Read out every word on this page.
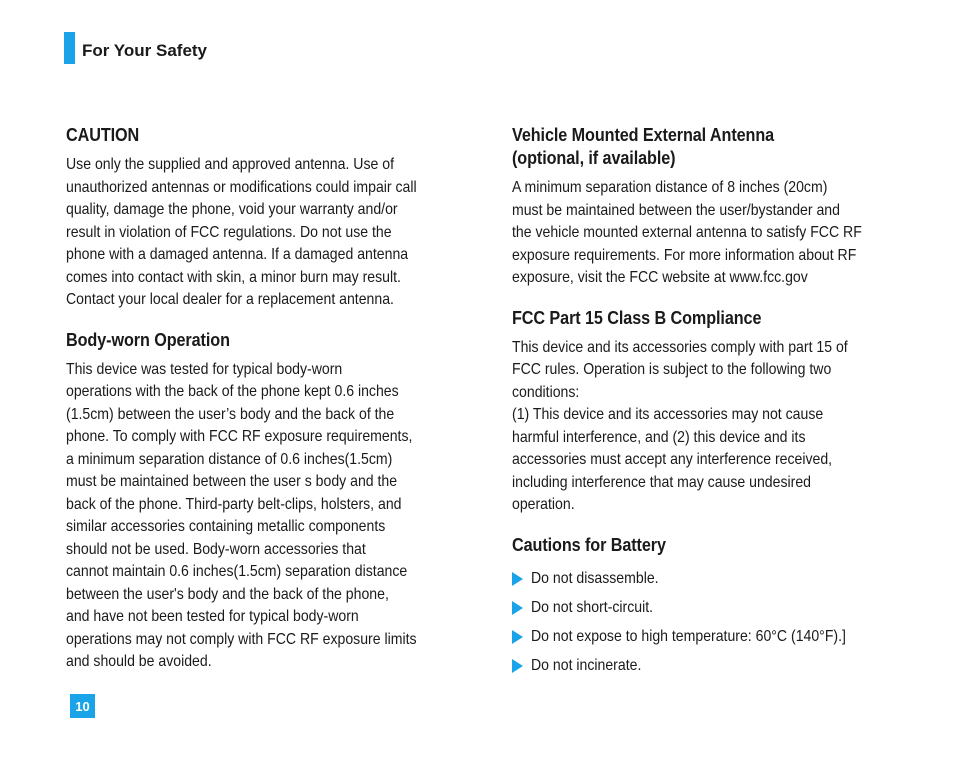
For Your Safety
CAUTION
Use only the supplied and approved antenna. Use of
unauthorized antennas or modifications could impair call
quality, damage the phone, void your warranty and/or
result in violation of FCC regulations. Do not use the
phone with a damaged antenna. If a damaged antenna
comes into contact with skin, a minor burn may result.
Contact your local dealer for a replacement antenna.
Body-worn Operation
This device was tested for typical body-worn
operations with the back of the phone kept 0.6 inches
(1.5cm) between the user’s body and the back of the
phone. To comply with FCC RF exposure requirements,
a minimum separation distance of 0.6 inches(1.5cm)
must be maintained between the user s body and the
back of the phone. Third-party belt-clips, holsters, and
similar accessories containing metallic components
should not be used. Body-worn accessories that
cannot maintain 0.6 inches(1.5cm) separation distance
between the user's body and the back of the phone,
and have not been tested for typical body-worn
operations may not comply with FCC RF exposure limits
and should be avoided.
Vehicle Mounted External Antenna
(optional, if available)
A minimum separation distance of 8 inches (20cm)
must be maintained between the user/bystander and
the vehicle mounted external antenna to satisfy FCC RF
exposure requirements. For more information about RF
exposure, visit the FCC website at www.fcc.gov
FCC Part 15 Class B Compliance
This device and its accessories comply with part 15 of
FCC rules. Operation is subject to the following two
conditions:
(1) This device and its accessories may not cause
harmful interference, and (2) this device and its
accessories must accept any interference received,
including interference that may cause undesired
operation.
Cautions for Battery
Do not disassemble.
Do not short-circuit.
Do not expose to high temperature: 60°C (140°F).]
Do not incinerate.
10
